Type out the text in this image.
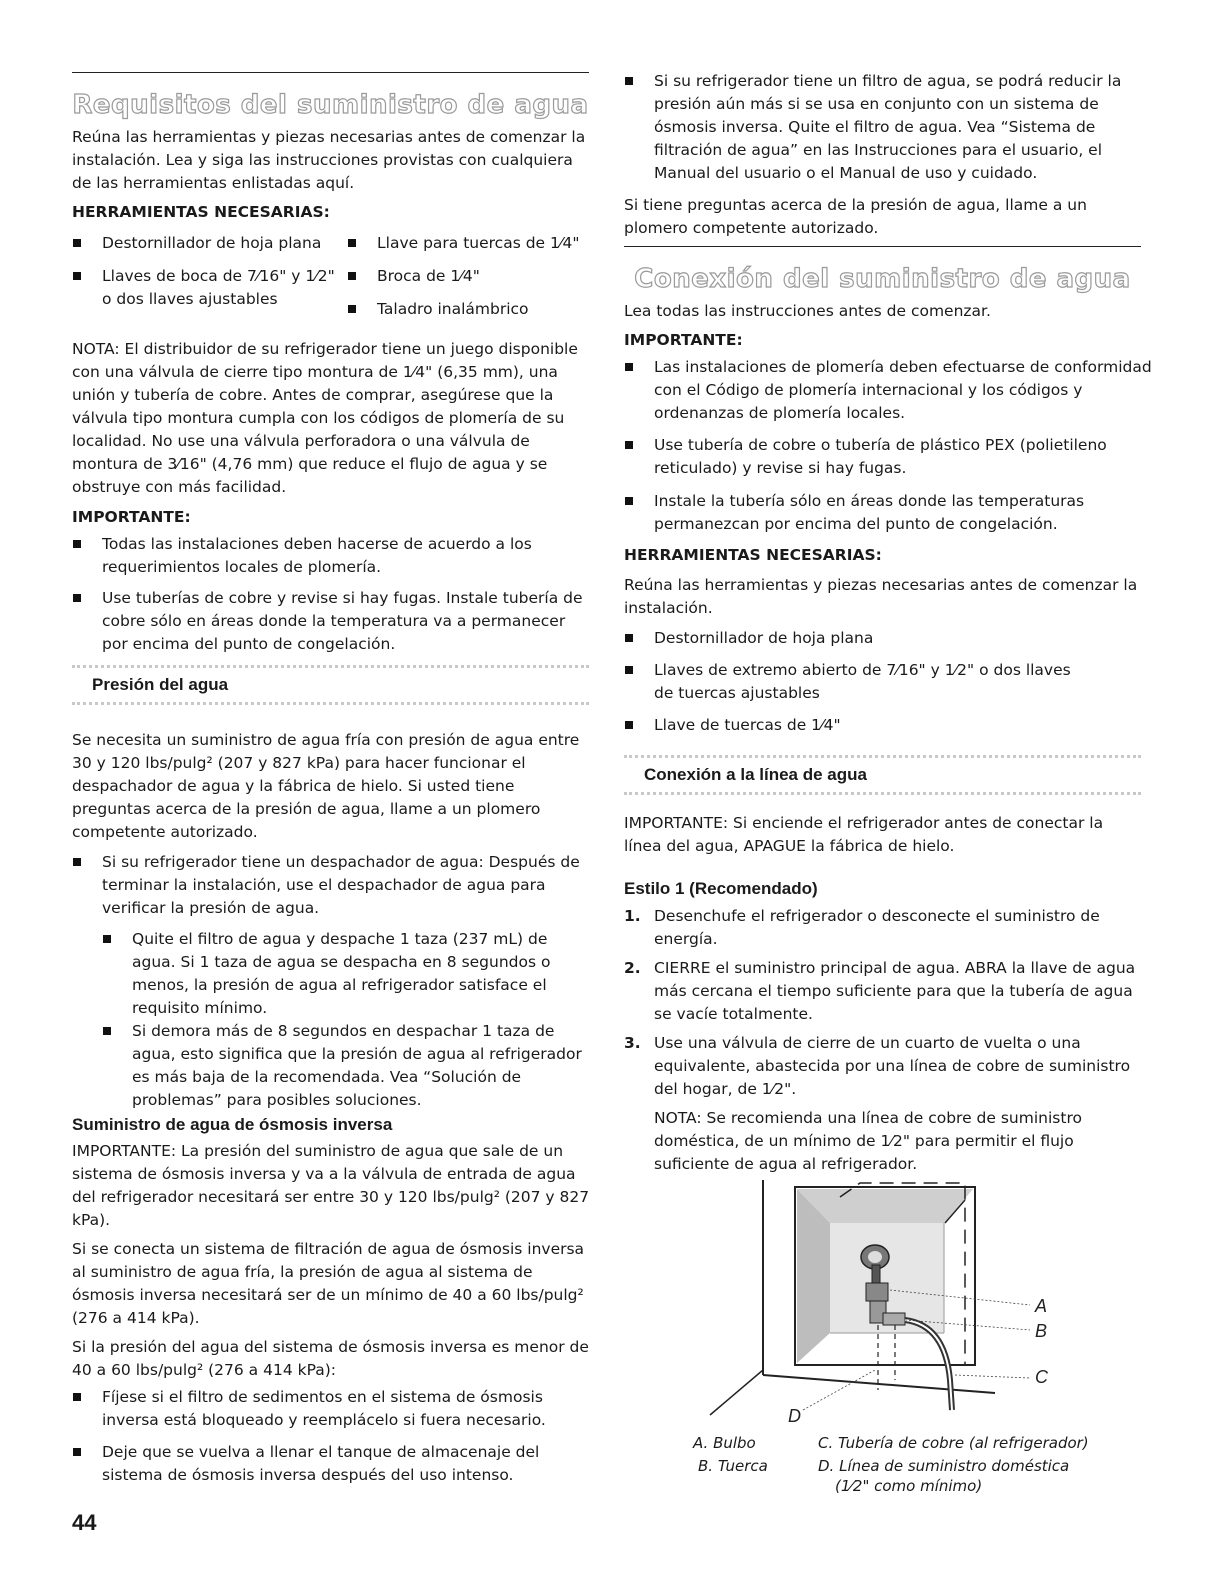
Requisitos del suministro de agua

Reúna las herramientas y piezas necesarias antes de comenzar la instalación. Lea y siga las instrucciones provistas con cualquiera de las herramientas enlistadas aquí.

HERRAMIENTAS NECESARIAS:

Destornillador de hoja plana
Llaves de boca de 7⁄16" y 1⁄2"
o dos llaves ajustables
Llave para tuercas de 1⁄4"
Broca de 1⁄4"
Taladro inalámbrico

NOTA: El distribuidor de su refrigerador tiene un juego disponible con una válvula de cierre tipo montura de 1⁄4" (6,35 mm), una unión y tubería de cobre. Antes de comprar, asegúrese que la válvula tipo montura cumpla con los códigos de plomería de su localidad. No use una válvula perforadora o una válvula de montura de 3⁄16" (4,76 mm) que reduce el flujo de agua y se obstruye con más facilidad.

IMPORTANTE:

Todas las instalaciones deben hacerse de acuerdo a los requerimientos locales de plomería.
Use tuberías de cobre y revise si hay fugas. Instale tubería de cobre sólo en áreas donde la temperatura va a permanecer por encima del punto de congelación.
Presión del agua

Se necesita un suministro de agua fría con presión de agua entre 30 y 120 lbs/pulg² (207 y 827 kPa) para hacer funcionar el despachador de agua y la fábrica de hielo. Si usted tiene preguntas acerca de la presión de agua, llame a un plomero competente autorizado.

Si su refrigerador tiene un despachador de agua: Después de terminar la instalación, use el despachador de agua para verificar la presión de agua.
Quite el filtro de agua y despache 1 taza (237 mL) de agua. Si 1 taza de agua se despacha en 8 segundos o menos, la presión de agua al refrigerador satisface el requisito mínimo.
Si demora más de 8 segundos en despachar 1 taza de agua, esto significa que la presión de agua al refrigerador es más baja de la recomendada. Vea “Solución de problemas” para posibles soluciones.

Suministro de agua de ósmosis inversa

IMPORTANTE: La presión del suministro de agua que sale de un sistema de ósmosis inversa y va a la válvula de entrada de agua del refrigerador necesitará ser entre 30 y 120 lbs/pulg² (207 y 827 kPa).

Si se conecta un sistema de filtración de agua de ósmosis inversa al suministro de agua fría, la presión de agua al sistema de ósmosis inversa necesitará ser de un mínimo de 40 a 60 lbs/pulg² (276 a 414 kPa).

Si la presión del agua del sistema de ósmosis inversa es menor de 40 a 60 lbs/pulg² (276 a 414 kPa):

Fíjese si el filtro de sedimentos en el sistema de ósmosis inversa está bloqueado y reemplácelo si fuera necesario.
Deje que se vuelva a llenar el tanque de almacenaje del sistema de ósmosis inversa después del uso intenso.
44
Si su refrigerador tiene un filtro de agua, se podrá reducir la presión aún más si se usa en conjunto con un sistema de ósmosis inversa. Quite el filtro de agua. Vea “Sistema de filtración de agua” en las Instrucciones para el usuario, el Manual del usuario o el Manual de uso y cuidado.

Si tiene preguntas acerca de la presión de agua, llame a un plomero competente autorizado.

Conexión del suministro de agua

Lea todas las instrucciones antes de comenzar.

IMPORTANTE:

Las instalaciones de plomería deben efectuarse de conformidad con el Código de plomería internacional y los códigos y ordenanzas de plomería locales.
Use tubería de cobre o tubería de plástico PEX (polietileno reticulado) y revise si hay fugas.
Instale la tubería sólo en áreas donde las temperaturas permanezcan por encima del punto de congelación.

HERRAMIENTAS NECESARIAS:

Reúna las herramientas y piezas necesarias antes de comenzar la instalación.

Destornillador de hoja plana
Llaves de extremo abierto de 7⁄16" y 1⁄2" o dos llaves de tuercas ajustables
Llave de tuercas de 1⁄4"
Conexión a la línea de agua

IMPORTANTE: Si enciende el refrigerador antes de conectar la línea del agua, APAGUE la fábrica de hielo.

Estilo 1 (Recomendado)

1. Desenchufe el refrigerador o desconecte el suministro de energía.
2. CIERRE el suministro principal de agua. ABRA la llave de agua más cercana el tiempo suficiente para que la tubería de agua se vacíe totalmente.
3. Use una válvula de cierre de un cuarto de vuelta o una equivalente, abastecida por una línea de cobre de suministro del hogar, de 1⁄2".

NOTA: Se recomienda una línea de cobre de suministro doméstica, de un mínimo de 1⁄2" para permitir el flujo suficiente de agua al refrigerador.

A
B
C
D
A. Bulbo
B. Tuerca
C. Tubería de cobre (al refrigerador)
D. Línea de suministro doméstica
(1⁄2" como mínimo)
